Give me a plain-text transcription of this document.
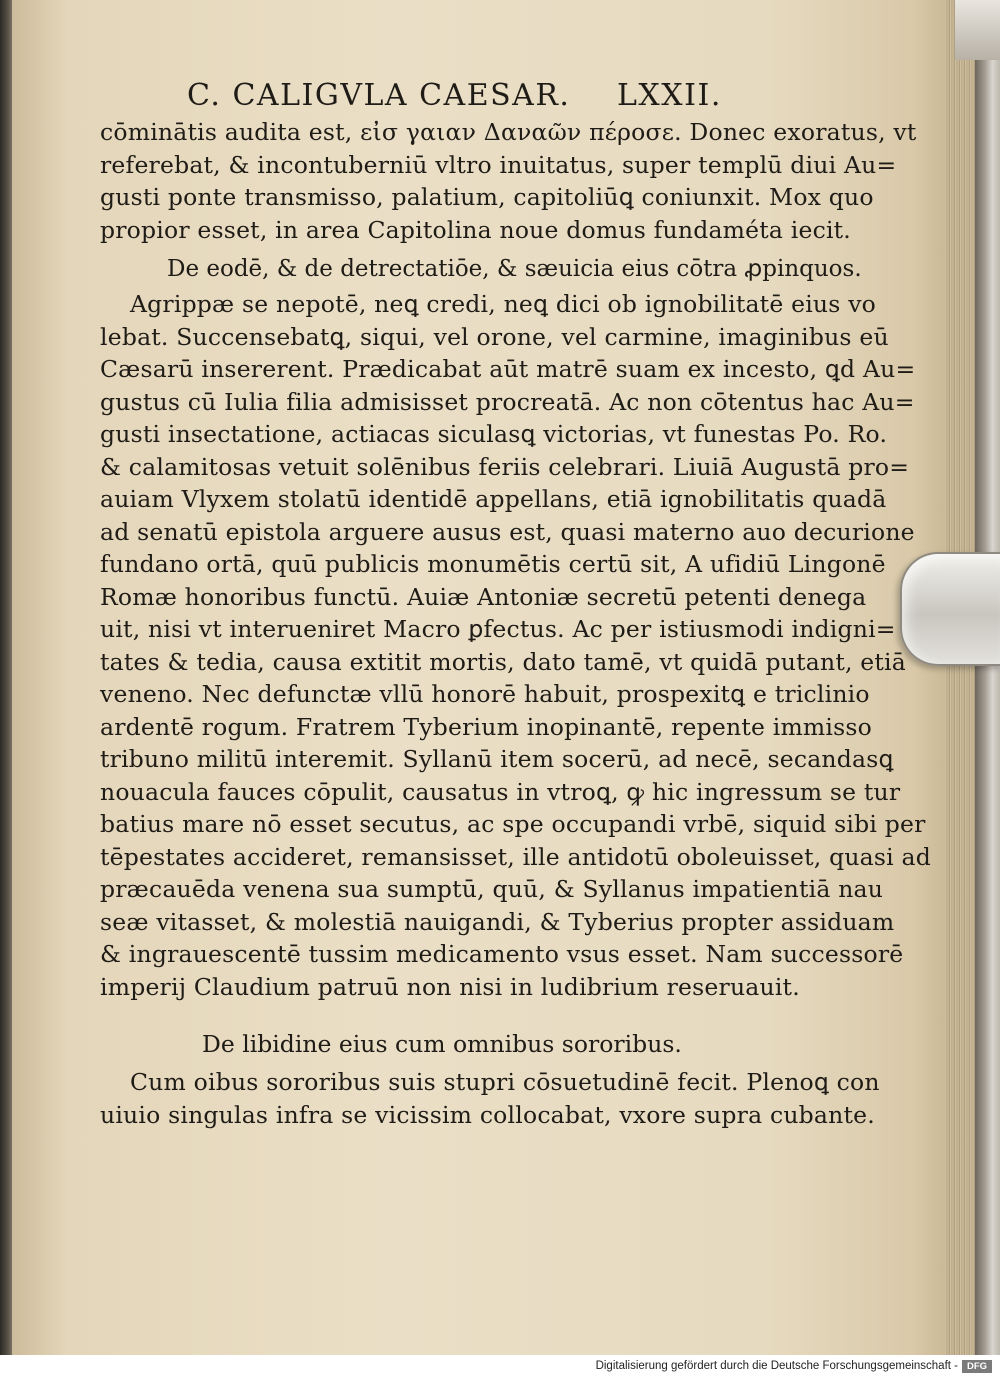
C. CALIGVLA CAESAR. LXXII.
cōminātis audita est, εἰσ γαιαν Δαναῶν πέροσε. Donec exoratus, vt
referebat, & incontuberniū vltro inuitatus, super templū diui Au=
gusti ponte transmisso, palatium, capitoliūꝗ coniunxit. Mox quo
propior esset, in area Capitolina noue domus fundaméta iecit.
De eodē, & de detrectatiōe, & sæuicia eius cōtra ꝓpinquos.
Agrippæ se nepotē, neꝗ credi, neꝗ dici ob ignobilitatē eius vo
lebat. Succensebatꝗ, siqui, vel orone, vel carmine, imaginibus eū
Cæsarū insererent. Prædicabat aūt matrē suam ex incesto, ꝗd Au=
gustus cū Iulia filia admisisset procreatā. Ac non cōtentus hac Au=
gusti insectatione, actiacas siculasꝗ victorias, vt funestas Po. Ro.
& calamitosas vetuit solēnibus feriis celebrari. Liuiā Augustā pro=
auiam Vlyxem stolatū identidē appellans, etiā ignobilitatis quadā
ad senatū epistola arguere ausus est, quasi materno auo decurione
fundano ortā, quū publicis monumētis certū sit, A ufidiū Lingonē
Romæ honoribus functū. Auiæ Antoniæ secretū petenti denega
uit, nisi vt interueniret Macro ꝑfectus. Ac per istiusmodi indigni=
tates & tedia, causa extitit mortis, dato tamē, vt quidā putant, etiā
veneno. Nec defunctæ vllū honorē habuit, prospexitꝗ e triclinio
ardentē rogum. Fratrem Tyberium inopinantē, repente immisso
tribuno militū interemit. Syllanū item socerū, ad necē, secandasꝗ
nouacula fauces cōpulit, causatus in vtroꝗ, ꝙ hic ingressum se tur
batius mare nō esset secutus, ac spe occupandi vrbē, siquid sibi per
tēpestates accideret, remansisset, ille antidotū oboleuisset, quasi ad
præcauēda venena sua sumptū, quū, & Syllanus impatientiā nau
seæ vitasset, & molestiā nauigandi, & Tyberius propter assiduam
& ingrauescentē tussim medicamento vsus esset. Nam successorē
imperij Claudium patruū non nisi in ludibrium reseruauit.
De libidine eius cum omnibus sororibus.
Cum oibus sororibus suis stupri cōsuetudinē fecit. Plenoꝗ con
uiuio singulas infra se vicissim collocabat, vxore supra cubante.
Digitalisierung gefördert durch die Deutsche Forschungsgemeinschaft - DFG
